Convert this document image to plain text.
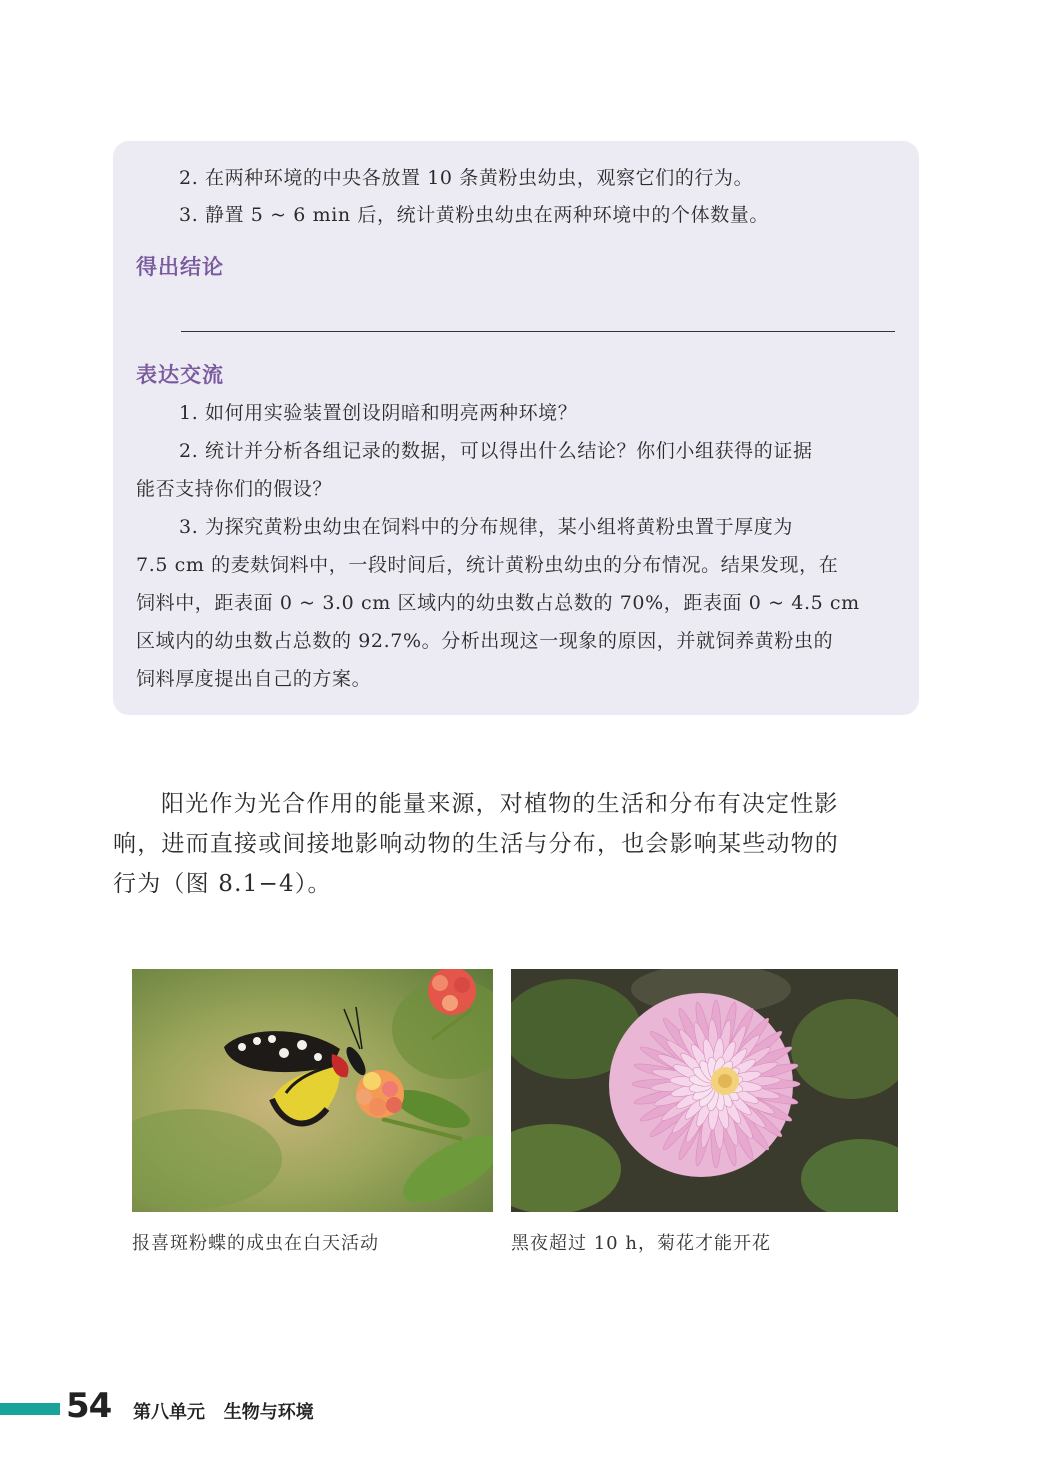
2. 在两种环境的中央各放置 10 条黄粉虫幼虫，观察它们的行为。

3. 静置 5 ~ 6 min 后，统计黄粉虫幼虫在两种环境中的个体数量。

得出结论
表达交流

1. 如何用实验装置创设阴暗和明亮两种环境？

2. 统计并分析各组记录的数据，可以得出什么结论？你们小组获得的证据

能否支持你们的假设？

3. 为探究黄粉虫幼虫在饲料中的分布规律，某小组将黄粉虫置于厚度为

7.5 cm 的麦麸饲料中，一段时间后，统计黄粉虫幼虫的分布情况。结果发现，在

饲料中，距表面 0 ~ 3.0 cm 区域内的幼虫数占总数的 70%，距表面 0 ~ 4.5 cm

区域内的幼虫数占总数的 92.7%。分析出现这一现象的原因，并就饲养黄粉虫的

饲料厚度提出自己的方案。

阳光作为光合作用的能量来源，对植物的生活和分布有决定性影

响，进而直接或间接地影响动物的生活与分布，也会影响某些动物的

行为（图 8.1−4）。

报喜斑粉蝶的成虫在白天活动	黑夜超过 10 h，菊花才能开花

54 第八单元   生物与环境
